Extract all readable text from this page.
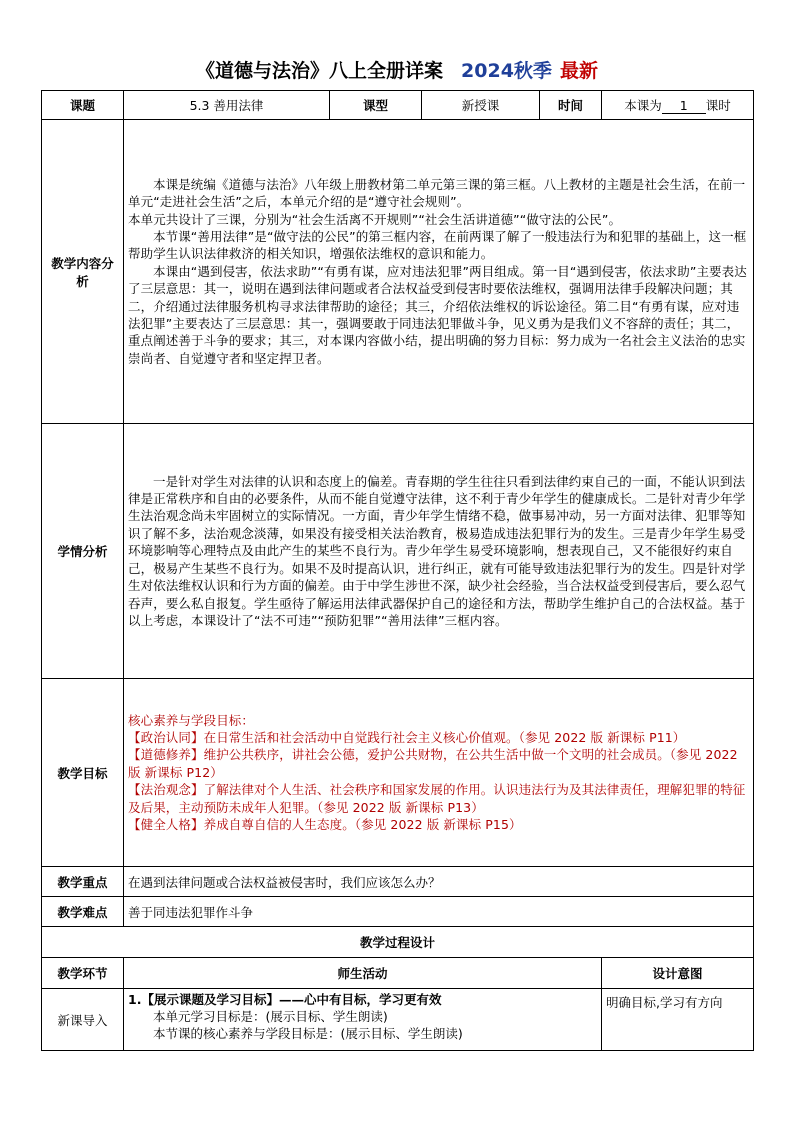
《道德与法治》八上全册详案 2024秋季 最新
课题	5.3 善用法律	课型	新授课	时间	本课为 1 课时
教学内容分析	本课是统编《道德与法治》八年级上册教材第二单元第三课的第三框。八上教材的主题是社会生活，在前一单元“走进社会生活”之后，本单元介绍的是“遵守社会规则”。

本单元共设计了三课，分别为“社会生活离不开规则”“社会生活讲道德”“做守法的公民”。

本节课“善用法律”是“做守法的公民”的第三框内容，在前两课了解了一般违法行为和犯罪的基础上，这一框帮助学生认识法律救济的相关知识，增强依法维权的意识和能力。

本课由“遇到侵害，依法求助”“有勇有谋，应对违法犯罪”两目组成。第一目“遇到侵害，依法求助”主要表达了三层意思：其一，说明在遇到法律问题或者合法权益受到侵害时要依法维权，强调用法律手段解决问题；其二，介绍通过法律服务机构寻求法律帮助的途径；其三，介绍依法维权的诉讼途径。第二目“有勇有谋，应对违法犯罪”主要表达了三层意思：其一，强调要敢于同违法犯罪做斗争，见义勇为是我们义不容辞的责任；其二，重点阐述善于斗争的要求；其三，对本课内容做小结，提出明确的努力目标：努力成为一名社会主义法治的忠实崇尚者、自觉遵守者和坚定捍卫者。				

学情分析	一是针对学生对法律的认识和态度上的偏差。青春期的学生往往只看到法律约束自己的一面，不能认识到法律是正常秩序和自由的必要条件，从而不能自觉遵守法律，这不利于青少年学生的健康成长。二是针对青少年学生法治观念尚未牢固树立的实际情况。一方面，青少年学生情绪不稳，做事易冲动，另一方面对法律、犯罪等知识了解不多，法治观念淡薄，如果没有接受相关法治教育，极易造成违法犯罪行为的发生。三是青少年学生易受环境影响等心理特点及由此产生的某些不良行为。青少年学生易受环境影响，想表现自己，又不能很好约束自己，极易产生某些不良行为。如果不及时提高认识，进行纠正，就有可能导致违法犯罪行为的发生。四是针对学生对依法维权认识和行为方面的偏差。由于中学生涉世不深，缺少社会经验，当合法权益受到侵害后，要么忍气吞声，要么私自报复。学生亟待了解运用法律武器保护自己的途径和方法，帮助学生维护自己的合法权益。基于以上考虑，本课设计了“法不可违”“预防犯罪”“善用法律”三框内容。				

教学目标	核心素养与学段目标：

【政治认同】在日常生活和社会活动中自觉践行社会主义核心价值观。（参见 2022 版 新课标 P11）

【道德修养】维护公共秩序，讲社会公德，爱护公共财物，在公共生活中做一个文明的社会成员。（参见 2022 版 新课标 P12）

【法治观念】了解法律对个人生活、社会秩序和国家发展的作用。认识违法行为及其法律责任，理解犯罪的特征及后果，主动预防未成年人犯罪。（参见 2022 版 新课标 P13）

【健全人格】养成自尊自信的人生态度。（参见 2022 版 新课标 P15）				

教学重点	在遇到法律问题或合法权益被侵害时，我们应该怎么办？				
教学难点	善于同违法犯罪作斗争				
教学过程设计					
教学环节	师生活动				设计意图
新课导入	1.【展示课题及学习目标】——心中有目标，学习更有效
本单元学习目标是：(展示目标、学生朗读)
本节课的核心素养与学段目标是：(展示目标、学生朗读)				明确目标,学习有方向
